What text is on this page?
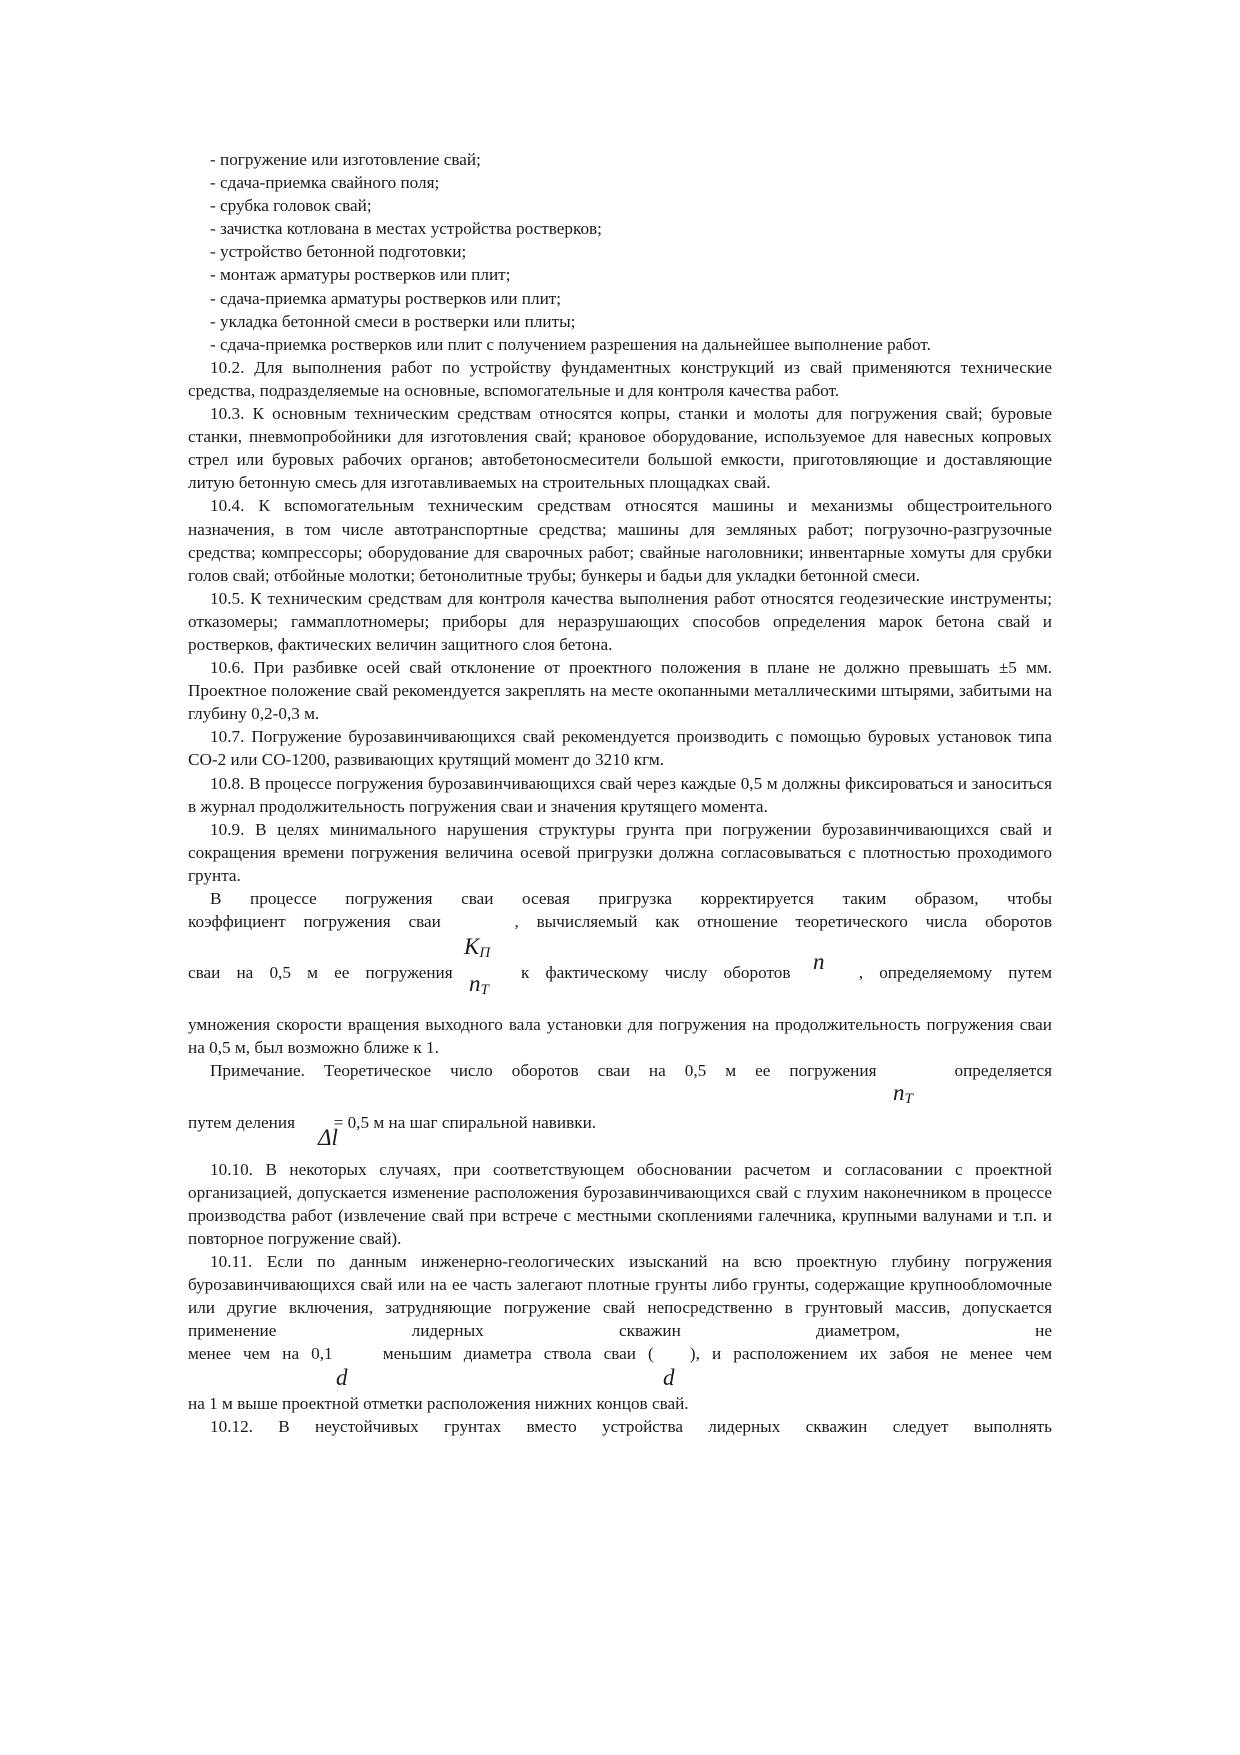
- погружение или изготовление свай;

- сдача-приемка свайного поля;

- срубка головок свай;

- зачистка котлована в местах устройства ростверков;

- устройство бетонной подготовки;

- монтаж арматуры ростверков или плит;

- сдача-приемка арматуры ростверков или плит;

- укладка бетонной смеси в ростверки или плиты;

- сдача-приемка ростверков или плит с получением разрешения на дальнейшее выполнение работ.

10.2. Для выполнения работ по устройству фундаментных конструкций из свай применяются технические средства, подразделяемые на основные, вспомогательные и для контроля качества работ.

10.3. К основным техническим средствам относятся копры, станки и молоты для погружения свай; буровые станки, пневмопробойники для изготовления свай; крановое оборудование, используемое для навесных копровых стрел или буровых рабочих органов; автобетоносмесители большой емкости, приготовляющие и доставляющие литую бетонную смесь для изготавливаемых на строительных площадках свай.

10.4. К вспомогательным техническим средствам относятся машины и механизмы общестроительного назначения, в том числе автотранспортные средства; машины для земляных работ; погрузочно-разгрузочные средства; компрессоры; оборудование для сварочных работ; свайные наголовники; инвентарные хомуты для срубки голов свай; отбойные молотки; бетонолитные трубы; бункеры и бадьи для укладки бетонной смеси.

10.5. К техническим средствам для контроля качества выполнения работ относятся геодезические инструменты; отказомеры; гаммаплотномеры; приборы для неразрушающих способов определения марок бетона свай и ростверков, фактических величин защитного слоя бетона.

10.6. При разбивке осей свай отклонение от проектного положения в плане не должно превышать ±5 мм. Проектное положение свай рекомендуется закреплять на месте окопанными металлическими штырями, забитыми на глубину 0,2-0,3 м.

10.7. Погружение бурозавинчивающихся свай рекомендуется производить с помощью буровых установок типа СО-2 или СО-1200, развивающих крутящий момент до 3210 кгм.

10.8. В процессе погружения бурозавинчивающихся свай через каждые 0,5 м должны фиксироваться и заноситься в журнал продолжительность погружения сваи и значения крутящего момента.

10.9. В целях минимального нарушения структуры грунта при погружении бурозавинчивающихся свай и сокращения времени погружения величина осевой пригрузки должна согласовываться с плотностью проходимого грунта.

В процессе погружения сваи осевая пригрузка корректируется таким образом, чтобы

коэффициент погружения сваи	, вычисляемый как отношение теоретического числа оборотов

$K_П$

сваи на 0,5 м ее погружения	к фактическому числу оборотов	, определяемому путем

$n_T$
n

умножения скорости вращения выходного вала установки для погружения на продолжительность погружения сваи на 0,5 м, был возможно ближе к 1.

Примечание. Теоретическое число оборотов сваи на 0,5 м ее погружения	определяется

$n_T$

путем деления = 0,5 м на шаг спиральной навивки.

Δl

10.10. В некоторых случаях, при соответствующем обосновании расчетом и согласовании с проектной организацией, допускается изменение расположения бурозавинчивающихся свай с глухим наконечником в процессе производства работ (извлечение свай при встрече с местными скоплениями галечника, крупными валунами и т.п. и повторное погружение свай).

10.11. Если по данным инженерно-геологических изысканий на всю проектную глубину погружения бурозавинчивающихся свай или на ее часть залегают плотные грунты либо грунты, содержащие крупнообломочные или другие включения, затрудняющие погружение свай непосредственно в грунтовый массив, допускается применение лидерных скважин диаметром, не

менее чем на 0,1	меньшим диаметра ствола сваи ( ), и расположением их забоя не менее чем

d	d

на 1 м выше проектной отметки расположения нижних концов свай.

10.12. В неустойчивых грунтах вместо устройства лидерных скважин следует выполнять
